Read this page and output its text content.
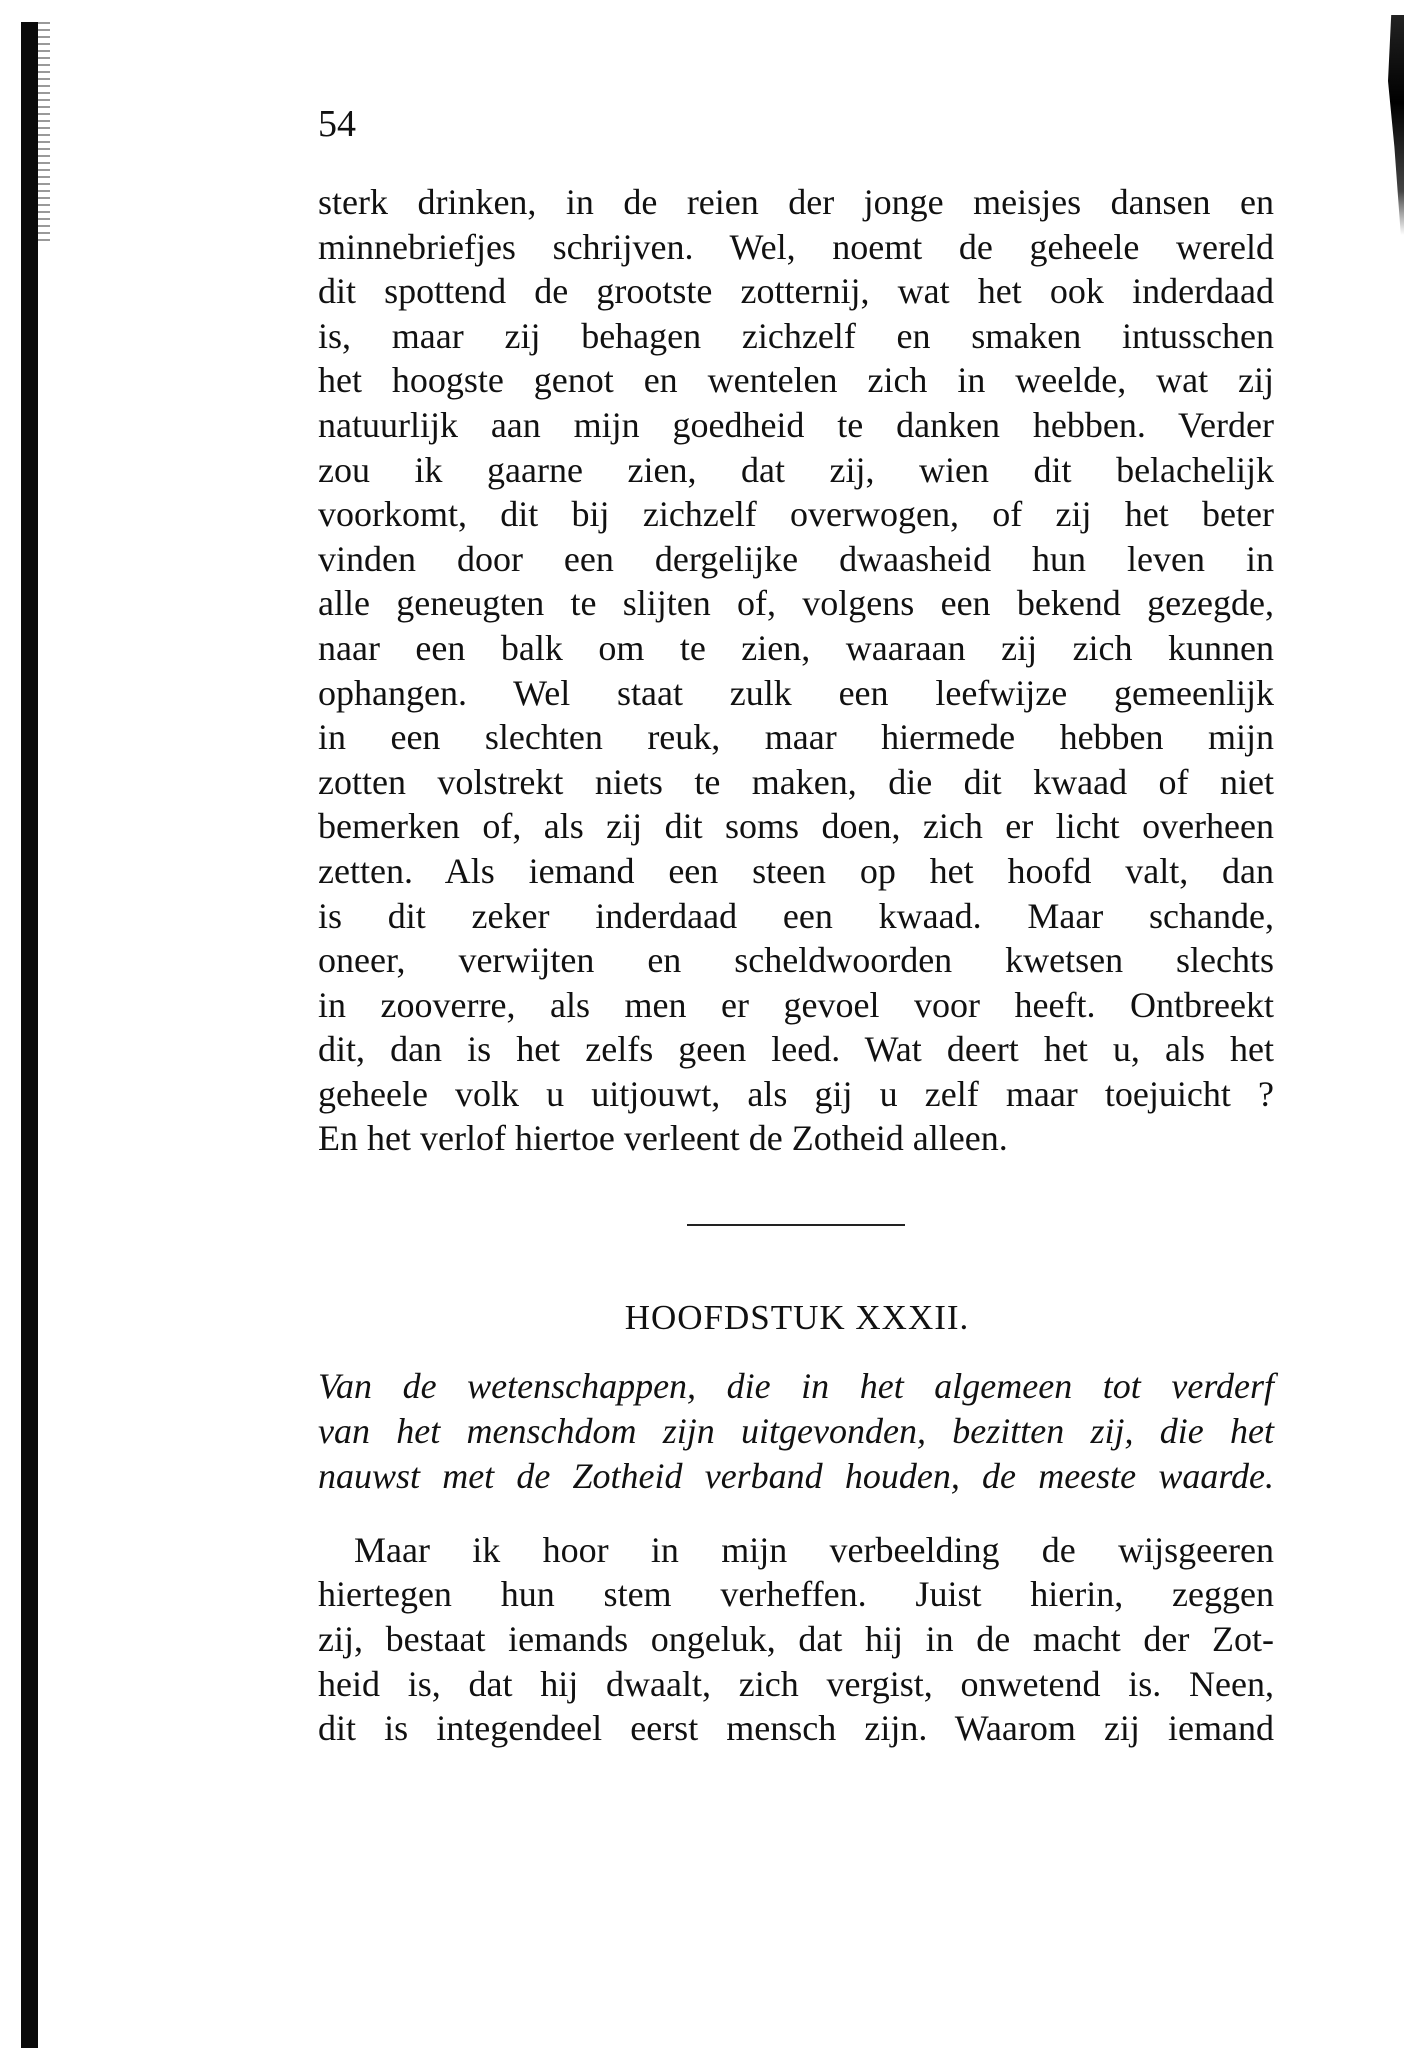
54
sterk drinken, in de reien der jonge meisjes dansen en
minnebriefjes schrijven. Wel, noemt de geheele wereld
dit spottend de grootste zotternij, wat het ook inderdaad
is, maar zij behagen zichzelf en smaken intusschen
het hoogste genot en wentelen zich in weelde, wat zij
natuurlijk aan mijn goedheid te danken hebben. Verder
zou ik gaarne zien, dat zij, wien dit belachelijk
voorkomt, dit bij zichzelf overwogen, of zij het beter
vinden door een dergelijke dwaasheid hun leven in
alle geneugten te slijten of, volgens een bekend gezegde,
naar een balk om te zien, waaraan zij zich kunnen
ophangen. Wel staat zulk een leefwijze gemeenlijk
in een slechten reuk, maar hiermede hebben mijn
zotten volstrekt niets te maken, die dit kwaad of niet
bemerken of, als zij dit soms doen, zich er licht overheen
zetten. Als iemand een steen op het hoofd valt, dan
is dit zeker inderdaad een kwaad. Maar schande,
oneer, verwijten en scheldwoorden kwetsen slechts
in zooverre, als men er gevoel voor heeft. Ontbreekt
dit, dan is het zelfs geen leed. Wat deert het u, als het
geheele volk u uitjouwt, als gij u zelf maar toejuicht ?
En het verlof hiertoe verleent de Zotheid alleen.
HOOFDSTUK XXXII.
Van de wetenschappen, die in het algemeen tot verderf
van het menschdom zijn uitgevonden, bezitten zij, die het
nauwst met de Zotheid verband houden, de meeste waarde.
Maar ik hoor in mijn verbeelding de wijsgeeren
hiertegen hun stem verheffen. Juist hierin, zeggen
zij, bestaat iemands ongeluk, dat hij in de macht der Zot-
heid is, dat hij dwaalt, zich vergist, onwetend is. Neen,
dit is integendeel eerst mensch zijn. Waarom zij iemand
